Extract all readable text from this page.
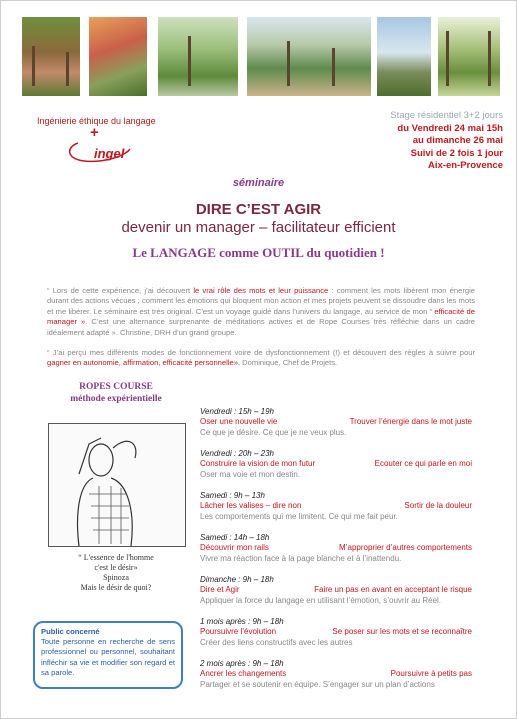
Ingénierie éthique du langage
+
ingel
Stage résidentiel 3+2 jours
du Vendredi 24 mai 15h
au dimanche 26 mai
Suivi de 2 fois 1 jour
Aix-en-Provence
séminaire
DIRE C’EST AGIR
devenir un manager – facilitateur efficient
Le LANGAGE comme OUTIL du quotidien !
“ Lors de cette expérience, j’ai découvert le vrai rôle des mots et leur puissance : comment les mots libèrent mon énergie durant des actions vécues ; comment les émotions qui bloquent mon action et mes projets peuvent se dissoudre dans les mots et me libérer. Le séminaire est très original. C’est un voyage guidé dans l’univers du langage, au service de mon “ efficacité de manager ». C’est une alternance surprenante de méditations actives et de Rope Courses très réfléchie dans un cadre idéalement adapté ». Christine, DRH d’un grand groupe.
“ J’ai perçu mes différents modes de fonctionnement voire de dysfonctionnement (!) et découvert des règles à suivre pour gagner en autonomie, affirmation, efficacité personnelle», Dominique, Chef de Projets.
ROPES COURSE
méthode expérientielle
“ L'essence de l'homme
c'est le désir»
Spinoza
Mais le désir de quoi?
Public concerné
Toute personne en recherche de sens professionnel ou personnel, souhaitant infléchir sa vie et modifier son regard et sa parole.
Vendredi : 15h – 19h
Oser une nouvelle vie	Trouver l’énergie dans le mot juste
Ce que je désire. Ce que je ne veux plus.
Vendredi : 20h – 23h
Construire la vision de mon futur	Ecouter ce qui parle en moi
Oser ma voie et mon destin.
Samedi : 9h – 13h
Lâcher les valises – dire non	Sortir de la douleur
Les comportements qui me limitent. Ce qui me fait peur.
Samedi : 14h – 18h
Découvrir mon rails	M’approprier d’autres comportements
Vivre ma réaction face à la page blanche et à l’inattendu.
Dimanche : 9h – 18h
Dire et Agir	Faire un pas en avant en acceptant le risque
Appliquer la force du langage en utilisant l’émotion, s’ouvrir au Réel.
1 mois après : 9h – 18h
Poursuivre l’évolution	Se poser sur les mots et se reconnaître
Créer des liens constructifs avec les autres
2 mois après : 9h – 18h
Ancrer les changements	Poursuivre à petits pas
Partager et se soutenir en équipe. S’engager sur un plan d’actions
